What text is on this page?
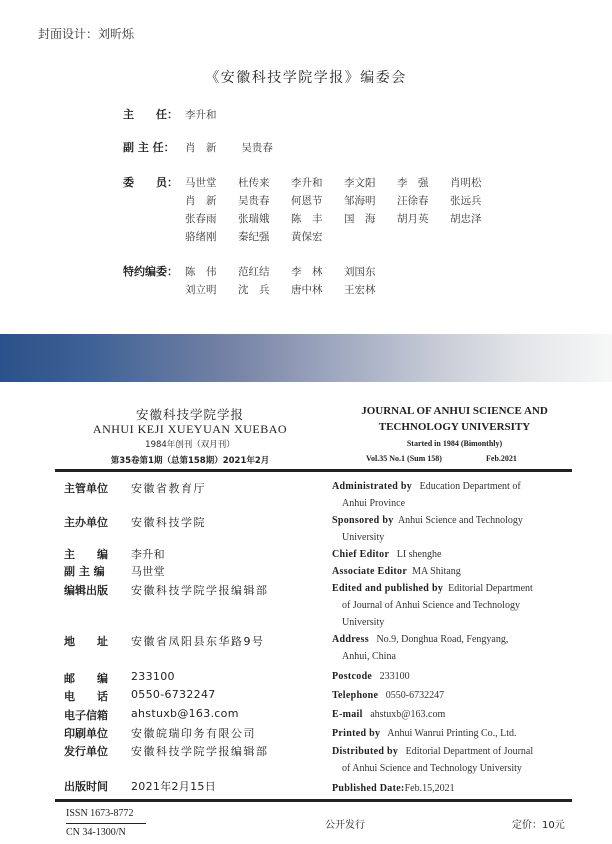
封面设计：刘昕烁
《安徽科技学院学报》编委会
主　　任： 李升和
副 主 任： 肖　新 吴贵春
委　　员： 马世堂 杜传来 李升和 李文阳 李　强 肖明松
肖　新 吴贵春 何恩节 邹海明 汪徐春 张远兵
张春雨 张瑞娥 陈　丰 国　海 胡月英 胡忠泽
骆绪刚 秦纪强 黄保宏
特约编委： 陈　伟 范红结 李　林 刘国东
刘立明 沈　兵 唐中林 王宏林
安徽科技学院学报
ANHUI KEJI XUEYUAN XUEBAO
1984年创刊（双月刊）
第35卷第1期（总第158期）2021年2月
JOURNAL OF ANHUI SCIENCE AND TECHNOLOGY UNIVERSITY
Started in 1984 (Bimonthly)
Vol.35 No.1 (Sum 158)	Feb.2021
主管单位 安徽省教育厅
主办单位 安徽科技学院
主　　编 李升和
副 主 编 马世堂
编辑出版 安徽科技学院学报编辑部
地　　址 安徽省凤阳县东华路9号
邮　　编 233100
电　　话 0550-6732247
电子信箱 ahstuxb@163.com
印刷单位 安徽皖瑞印务有限公司
发行单位 安徽科技学院学报编辑部
出版时间 2021年2月15日
Administrated by Education Department of
Anhui Province
Sponsored by Anhui Science and Technology
University
Chief Editor LI shenghe
Associate Editor MA Shitang
Edited and published by Editorial Department
of Journal of Anhui Science and Technology
University
Address No.9, Donghua Road, Fengyang,
Anhui, China
Postcode 233100
Telephone 0550-6732247
E-mail ahstuxb@163.com
Printed by Anhui Wanrui Printing Co., Ltd.
Distributed by Editorial Department of Journal
of Anhui Science and Technology University
Published Date:Feb.15,2021
ISSN 1673-8772
CN 34-1300/N
公开发行	定价：10元
